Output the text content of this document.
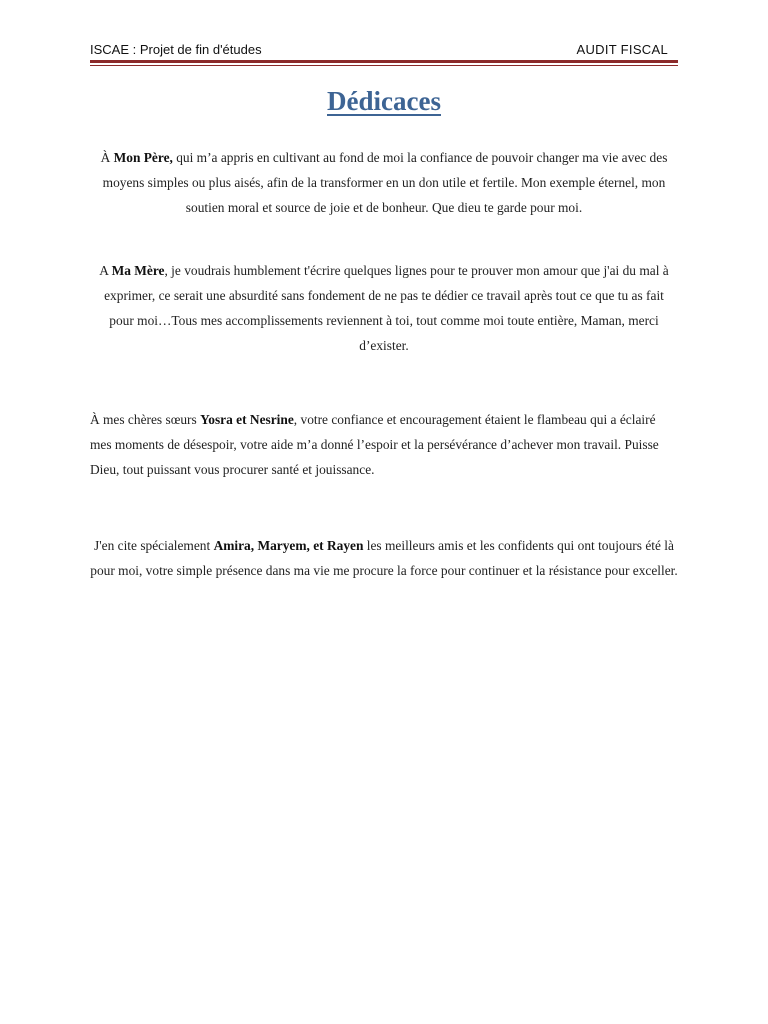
ISCAE : Projet de fin d'études	AUDIT FISCAL
Dédicaces

À Mon Père, qui m’a appris en cultivant au fond de moi la confiance de pouvoir changer ma vie avec des moyens simples ou plus aisés, afin de la transformer en un don utile et fertile. Mon exemple éternel, mon soutien moral et source de joie et de bonheur. Que dieu te garde pour moi.

A Ma Mère, je voudrais humblement t'écrire quelques lignes pour te prouver mon amour que j'ai du mal à exprimer, ce serait une absurdité sans fondement de ne pas te dédier ce travail après tout ce que tu as fait pour moi…Tous mes accomplissements reviennent à toi, tout comme moi toute entière, Maman, merci d’exister.

À mes chères sœurs Yosra et Nesrine, votre confiance et encouragement étaient le flambeau qui a éclairé mes moments de désespoir, votre aide m’a donné l’espoir et la persévérance d’achever mon travail. Puisse Dieu, tout puissant vous procurer santé et jouissance.

J'en cite spécialement Amira, Maryem, et Rayen les meilleurs amis et les confidents qui ont toujours été là pour moi, votre simple présence dans ma vie me procure la force pour continuer et la résistance pour exceller.
